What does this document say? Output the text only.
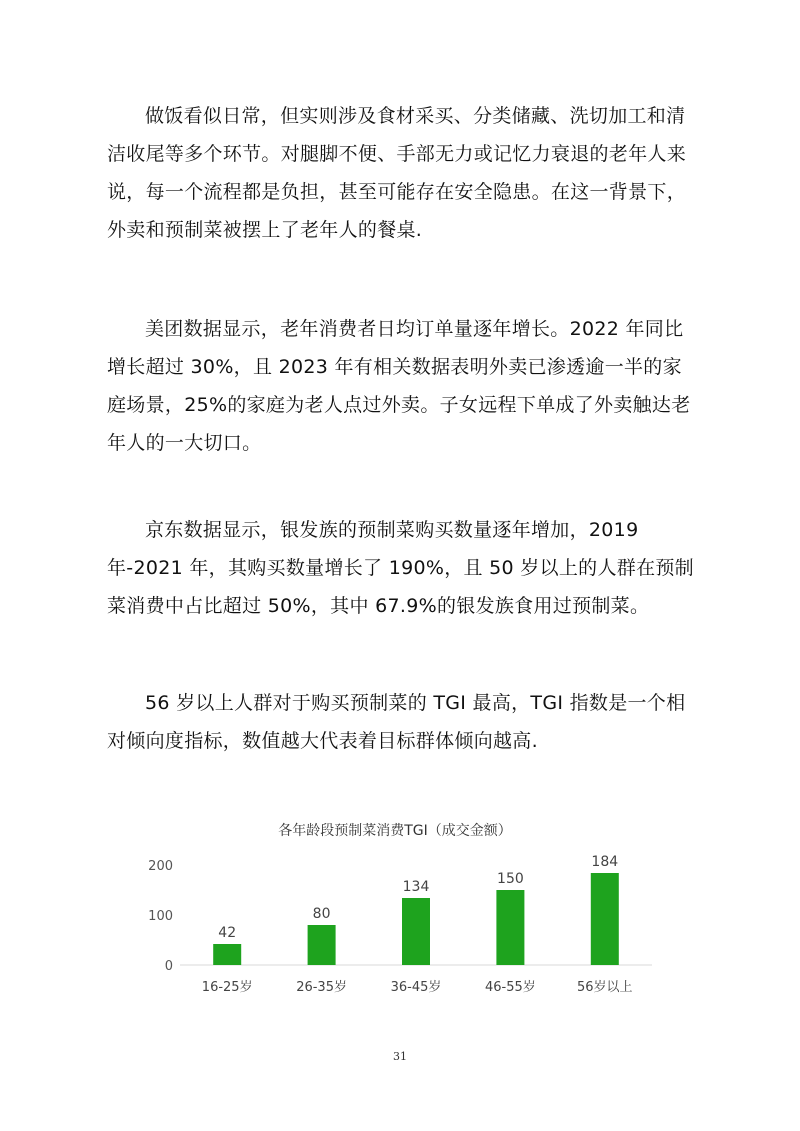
做饭看似日常，但实则涉及食材采买、分类储藏、洗切加工和清洁收尾等多个环节。对腿脚不便、手部无力或记忆力衰退的老年人来说，每一个流程都是负担，甚至可能存在安全隐患。在这一背景下，外卖和预制菜被摆上了老年人的餐桌.

美团数据显示，老年消费者日均订单量逐年增长。2022 年同比增长超过 30%，且 2023 年有相关数据表明外卖已渗透逾一半的家庭场景，25%的家庭为老人点过外卖。子女远程下单成了外卖触达老年人的一大切口。

京东数据显示，银发族的预制菜购买数量逐年增加，2019 年-2021 年，其购买数量增长了 190%，且 50 岁以上的人群在预制菜消费中占比超过 50%，其中 67.9%的银发族食用过预制菜。

56 岁以上人群对于购买预制菜的 TGI 最高，TGI 指数是一个相对倾向度指标，数值越大代表着目标群体倾向越高.

各年龄段预制菜消费TGI（成交金额）
0
100
200
42
16-25岁
80
26-35岁
134
36-45岁
150
46-55岁
184
56岁以上
31
